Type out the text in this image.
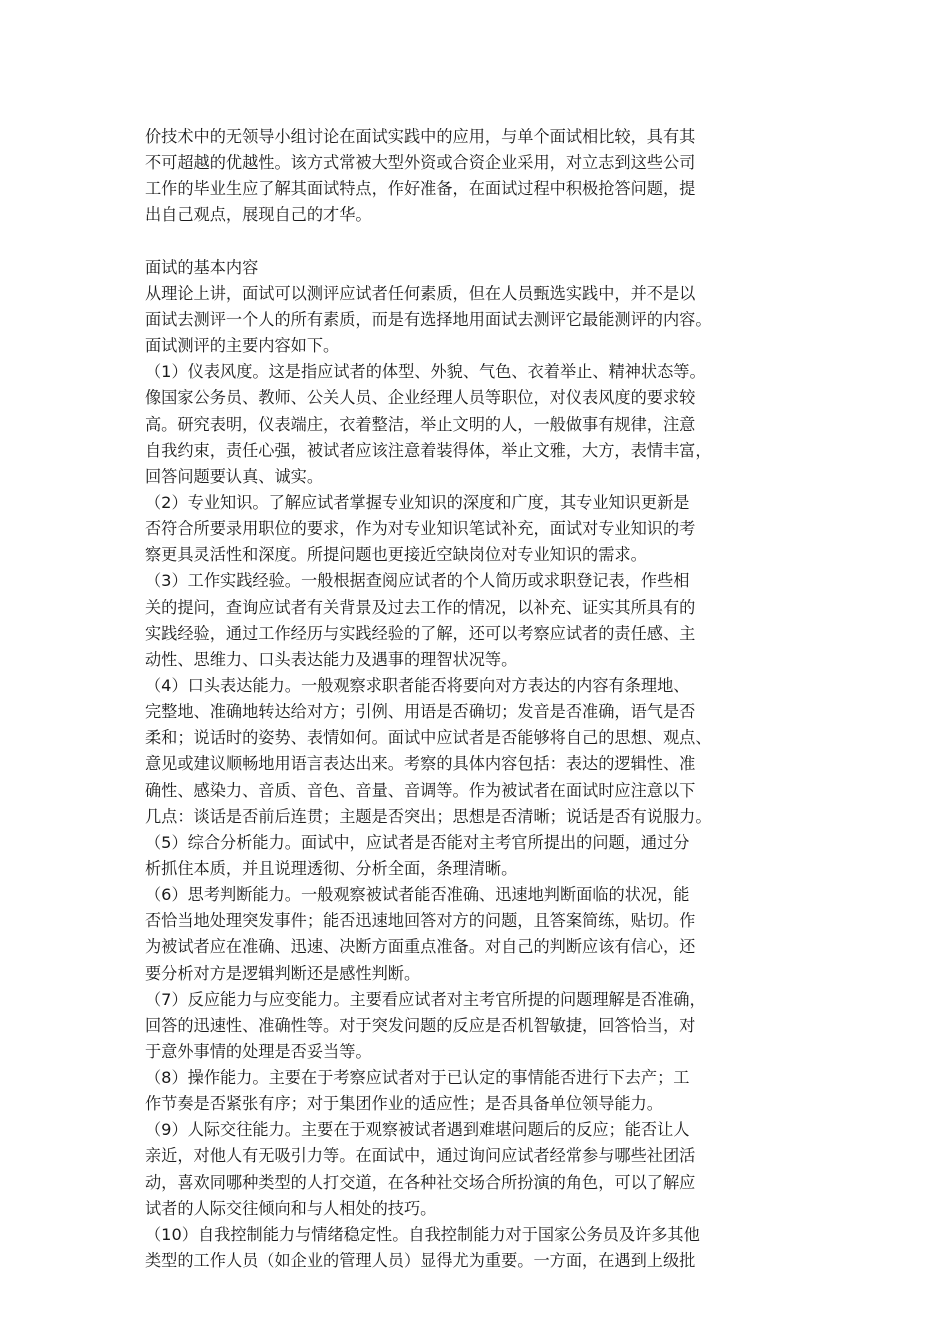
价技术中的无领导小组讨论在面试实践中的应用，与单个面试相比较，具有其
不可超越的优越性。该方式常被大型外资或合资企业采用，对立志到这些公司
工作的毕业生应了解其面试特点，作好准备，在面试过程中积极抢答问题，提
出自己观点，展现自己的才华。
面试的基本内容
从理论上讲，面试可以测评应试者任何素质，但在人员甄选实践中，并不是以
面试去测评一个人的所有素质，而是有选择地用面试去测评它最能测评的内容。
面试测评的主要内容如下。
（1）仪表风度。这是指应试者的体型、外貌、气色、衣着举止、精神状态等。
像国家公务员、教师、公关人员、企业经理人员等职位，对仪表风度的要求较
高。研究表明，仪表端庄，衣着整洁，举止文明的人，一般做事有规律，注意
自我约束，责任心强，被试者应该注意着装得体，举止文雅，大方，表情丰富，
回答问题要认真、诚实。
（2）专业知识。了解应试者掌握专业知识的深度和广度，其专业知识更新是
否符合所要录用职位的要求，作为对专业知识笔试补充，面试对专业知识的考
察更具灵活性和深度。所提问题也更接近空缺岗位对专业知识的需求。
（3）工作实践经验。一般根据查阅应试者的个人简历或求职登记表，作些相
关的提问，查询应试者有关背景及过去工作的情况，以补充、证实其所具有的
实践经验，通过工作经历与实践经验的了解，还可以考察应试者的责任感、主
动性、思维力、口头表达能力及遇事的理智状况等。
（4）口头表达能力。一般观察求职者能否将要向对方表达的内容有条理地、
完整地、准确地转达给对方；引例、用语是否确切；发音是否准确，语气是否
柔和；说话时的姿势、表情如何。面试中应试者是否能够将自己的思想、观点、
意见或建议顺畅地用语言表达出来。考察的具体内容包括：表达的逻辑性、准
确性、感染力、音质、音色、音量、音调等。作为被试者在面试时应注意以下
几点：谈话是否前后连贯；主题是否突出；思想是否清晰；说话是否有说服力。
（5）综合分析能力。面试中，应试者是否能对主考官所提出的问题，通过分
析抓住本质，并且说理透彻、分析全面，条理清晰。
（6）思考判断能力。一般观察被试者能否准确、迅速地判断面临的状况，能
否恰当地处理突发事件；能否迅速地回答对方的问题，且答案简练，贴切。作
为被试者应在准确、迅速、决断方面重点准备。对自己的判断应该有信心，还
要分析对方是逻辑判断还是感性判断。
（7）反应能力与应变能力。主要看应试者对主考官所提的问题理解是否准确，
回答的迅速性、准确性等。对于突发问题的反应是否机智敏捷，回答恰当，对
于意外事情的处理是否妥当等。
（8）操作能力。主要在于考察应试者对于已认定的事情能否进行下去产；工
作节奏是否紧张有序；对于集团作业的适应性；是否具备单位领导能力。
（9）人际交往能力。主要在于观察被试者遇到难堪问题后的反应；能否让人
亲近，对他人有无吸引力等。在面试中，通过询问应试者经常参与哪些社团活
动，喜欢同哪种类型的人打交道，在各种社交场合所扮演的角色，可以了解应
试者的人际交往倾向和与人相处的技巧。
（10）自我控制能力与情绪稳定性。自我控制能力对于国家公务员及许多其他
类型的工作人员（如企业的管理人员）显得尤为重要。一方面，在遇到上级批
